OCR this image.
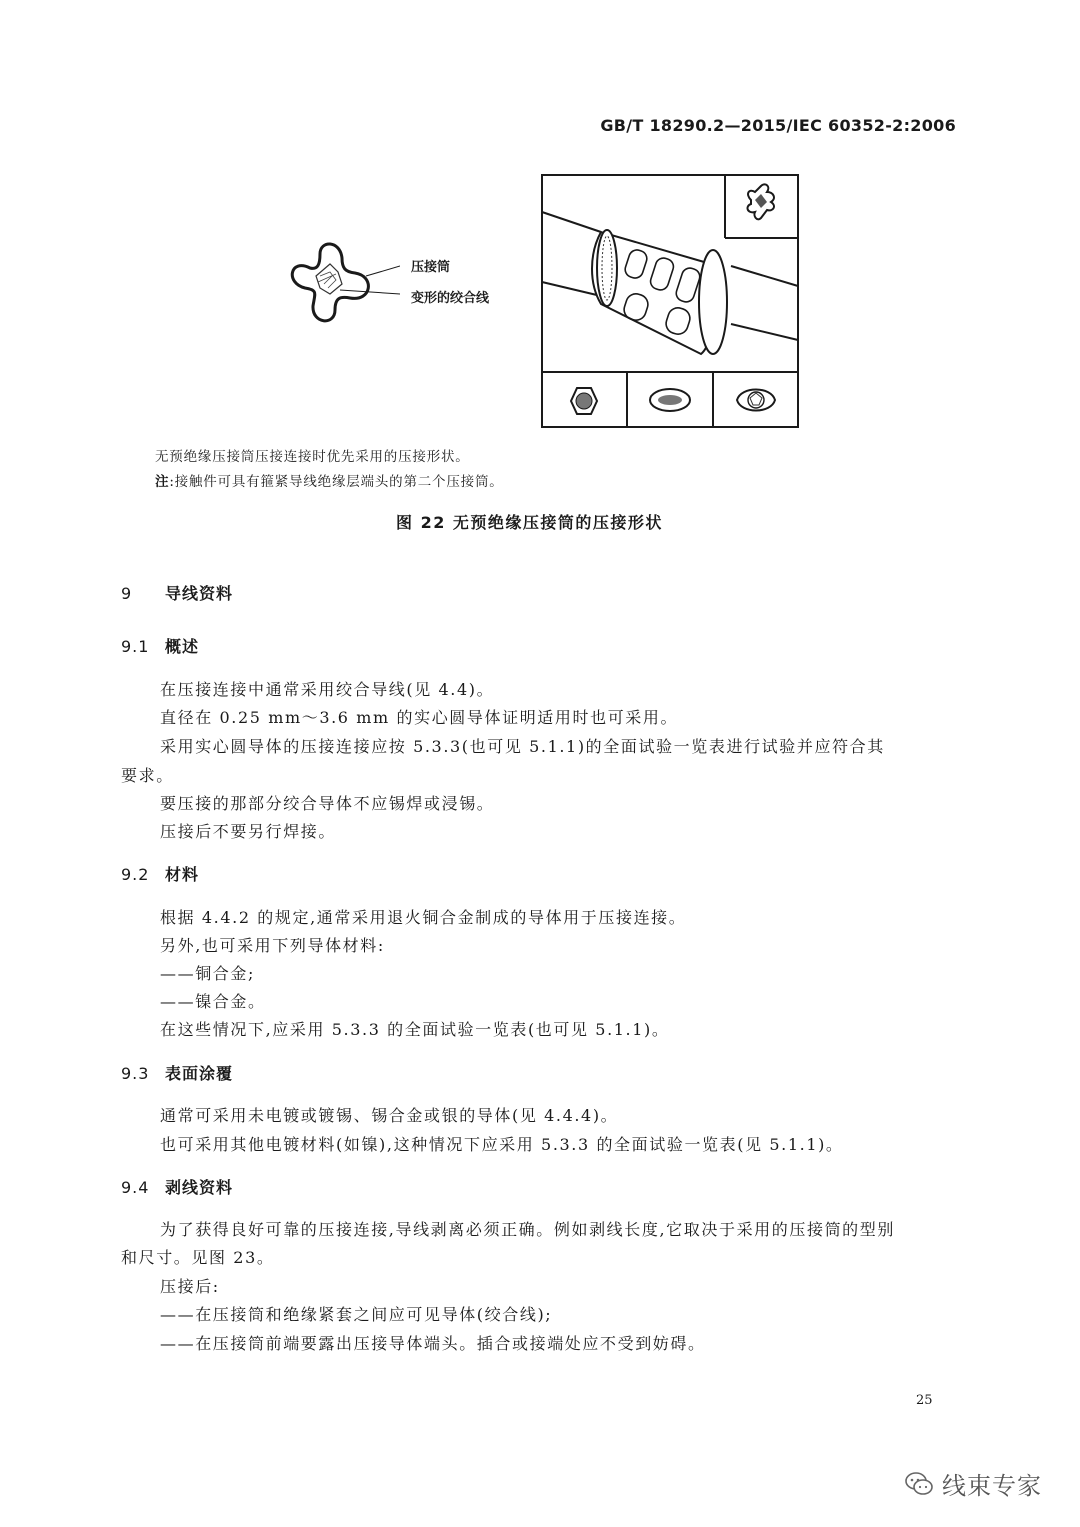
GB/T 18290.2—2015/IEC 60352-2:2006
压接筒
变形的绞合线
无预绝缘压接筒压接连接时优先采用的压接形状。
注:接触件可具有箍紧导线绝缘层端头的第二个压接筒。
图 22 无预绝缘压接筒的压接形状
9 导线资料
9.1 概述
在压接连接中通常采用绞合导线(见 4.4)。
直径在 0.25 mm～3.6 mm 的实心圆导体证明适用时也可采用。
采用实心圆导体的压接连接应按 5.3.3(也可见 5.1.1)的全面试验一览表进行试验并应符合其
要求。
要压接的那部分绞合导体不应锡焊或浸锡。
压接后不要另行焊接。
9.2 材料
根据 4.4.2 的规定,通常采用退火铜合金制成的导体用于压接连接。
另外,也可采用下列导体材料:
——铜合金;
——镍合金。
在这些情况下,应采用 5.3.3 的全面试验一览表(也可见 5.1.1)。
9.3 表面涂覆
通常可采用未电镀或镀锡、锡合金或银的导体(见 4.4.4)。
也可采用其他电镀材料(如镍),这种情况下应采用 5.3.3 的全面试验一览表(见 5.1.1)。
9.4 剥线资料
为了获得良好可靠的压接连接,导线剥离必须正确。例如剥线长度,它取决于采用的压接筒的型别
和尺寸。见图 23。
压接后:
——在压接筒和绝缘紧套之间应可见导体(绞合线);
——在压接筒前端要露出压接导体端头。插合或接端处应不受到妨碍。
25
线束专家
